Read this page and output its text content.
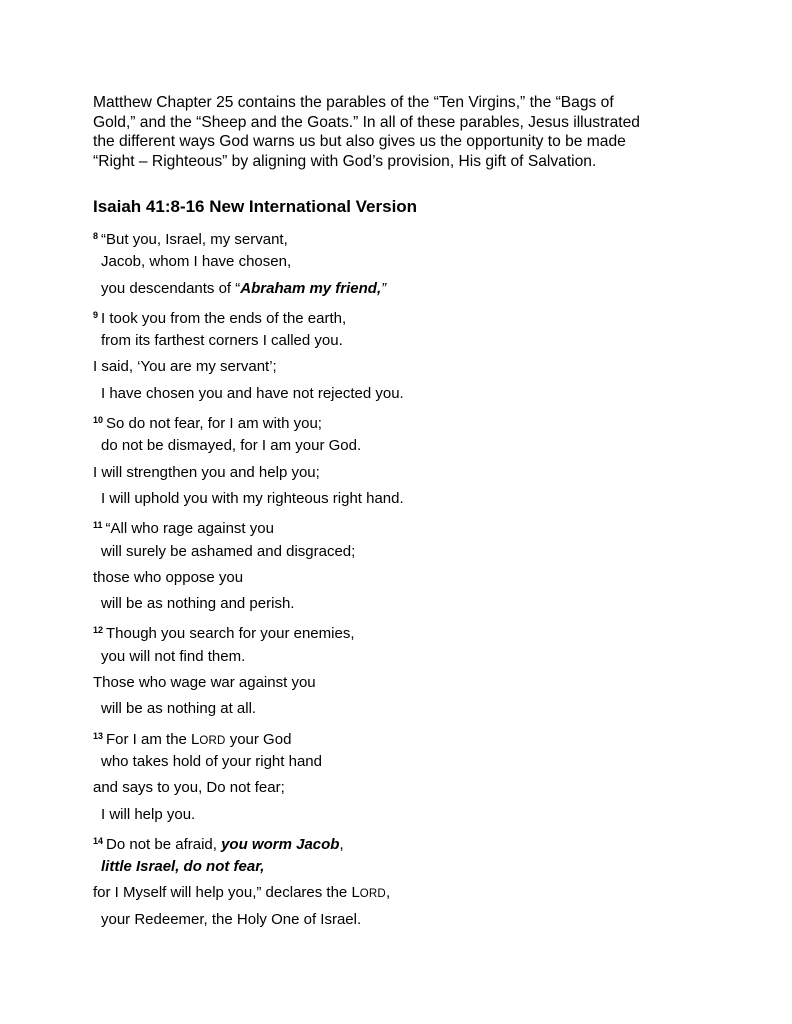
Matthew Chapter 25 contains the parables of the “Ten Virgins,” the “Bags of
Gold,” and the “Sheep and the Goats.” In all of these parables, Jesus illustrated
the different ways God warns us but also gives us the opportunity to be made
“Right – Righteous” by aligning with God’s provision, His gift of Salvation.
Isaiah 41:8-16 New International Version
$^8$ “But you, Israel, my servant,
Jacob, whom I have chosen,
you descendants of “Abraham my friend,”
$^9$ I took you from the ends of the earth,
from its farthest corners I called you.
I said, ‘You are my servant’;
I have chosen you and have not rejected you.
$^{10}$ So do not fear, for I am with you;
do not be dismayed, for I am your God.
I will strengthen you and help you;
I will uphold you with my righteous right hand.
$^{11}$ “All who rage against you
will surely be ashamed and disgraced;
those who oppose you
will be as nothing and perish.
$^{12}$ Though you search for your enemies,
you will not find them.
Those who wage war against you
will be as nothing at all.
$^{13}$ For I am the LORD your God
who takes hold of your right hand
and says to you, Do not fear;
I will help you.
$^{14}$ Do not be afraid, you worm Jacob,
little Israel, do not fear,
for I Myself will help you,” declares the LORD,
your Redeemer, the Holy One of Israel.
